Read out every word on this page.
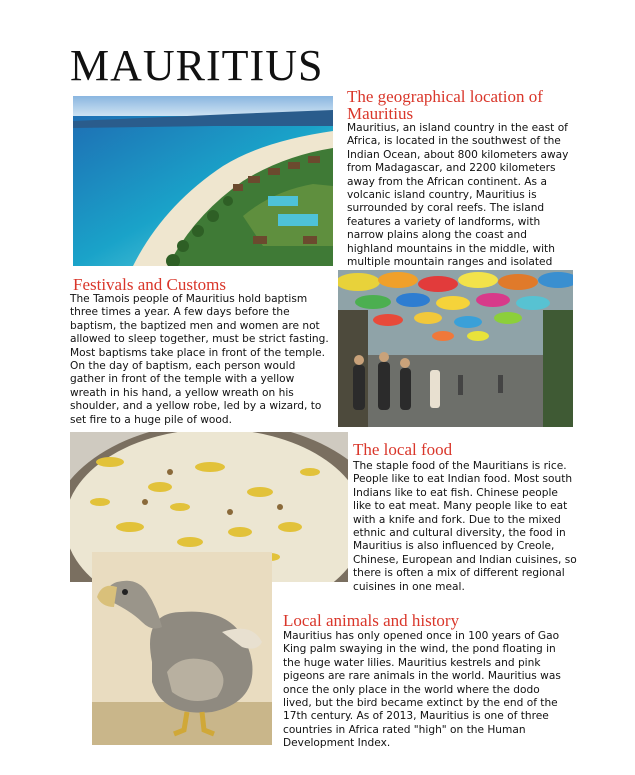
MAURITIUS
The geographical location of Mauritius

Mauritius, an island country in the east of Africa, is located in the southwest of the Indian Ocean, about 800 kilometers away from Madagascar, and 2200 kilometers away from the African continent. As a volcanic island country, Mauritius is surrounded by coral reefs. The island features a variety of landforms, with narrow plains along the coast and highland mountains in the middle, with multiple mountain ranges and isolated

Festivals and Customs

The Tamois people of Mauritius hold baptism three times a year. A few days before the baptism, the baptized men and women are not allowed to sleep together, must be strict fasting. Most baptisms take place in front of the temple. On the day of baptism, each person would gather in front of the temple with a yellow wreath in his hand, a yellow wreath on his shoulder, and a yellow robe, led by a wizard, to set fire to a huge pile of wood.

The local food

The staple food of the Mauritians is rice. People like to eat Indian food. Most south Indians like to eat fish. Chinese people like to eat meat. Many people like to eat with a knife and fork. Due to the mixed ethnic and cultural diversity, the food in Mauritius is also influenced by Creole, Chinese, European and Indian cuisines, so there is often a mix of different regional cuisines in one meal.

Local animals and history

Mauritius has only opened once in 100 years of Gao King palm swaying in the wind, the pond floating in the huge water lilies. Mauritius kestrels and pink pigeons are rare animals in the world. Mauritius was once the only place in the world where the dodo lived, but the bird became extinct by the end of the 17th century. As of 2013, Mauritius is one of three countries in Africa rated "high" on the Human Development Index.
